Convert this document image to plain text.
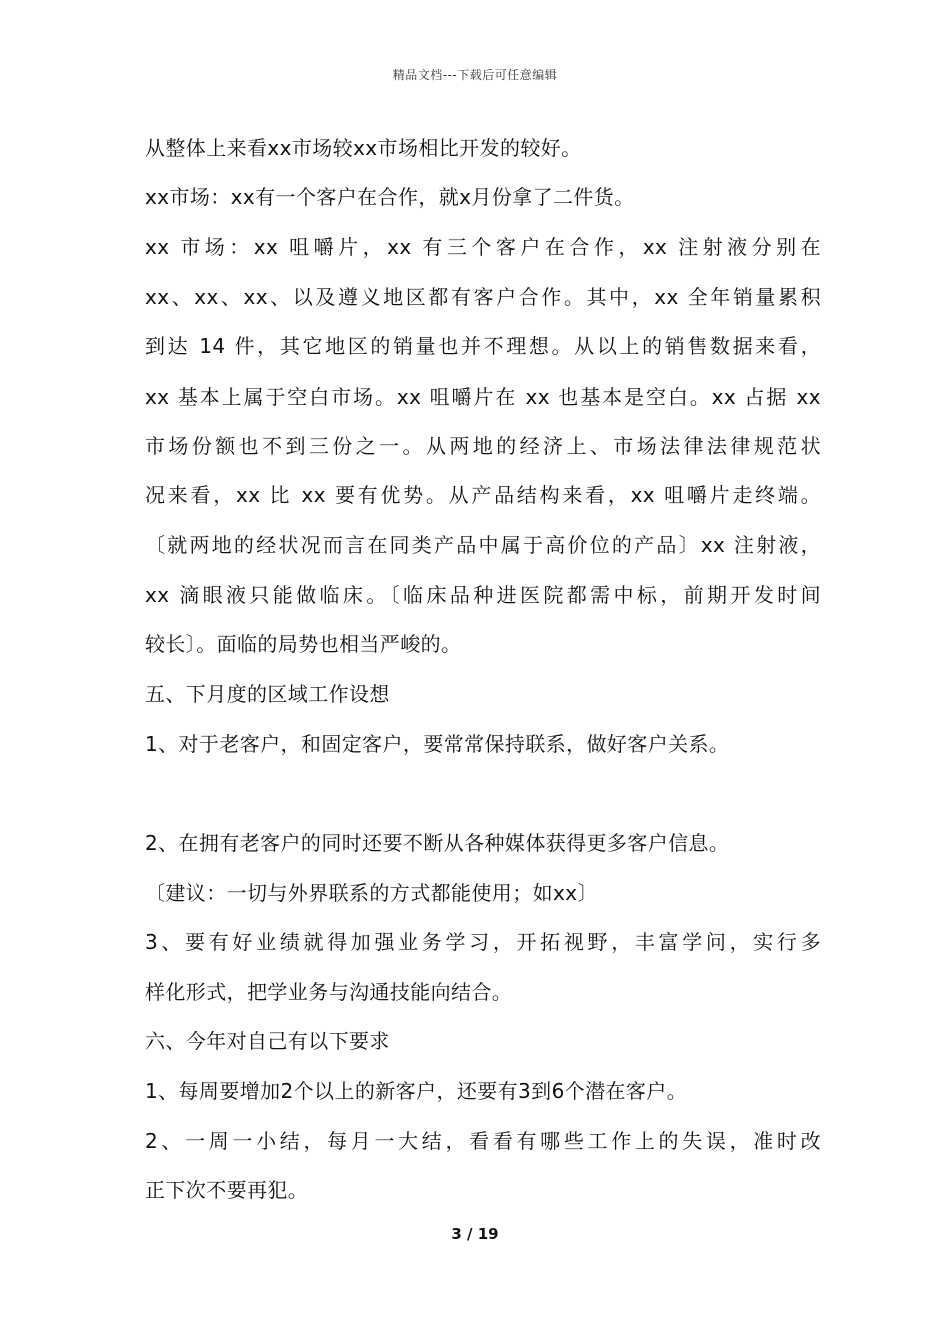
精品文档---下载后可任意编辑
从整体上来看xx市场较xx市场相比开发的较好。
xx市场：xx有一个客户在合作，就x月份拿了二件货。
xx 市场：xx 咀嚼片，xx 有三个客户在合作，xx 注射液分别在
xx、xx、xx、以及遵义地区都有客户合作。其中，xx 全年销量累积
到达 14 件，其它地区的销量也并不理想。从以上的销售数据来看，
xx 基本上属于空白市场。xx 咀嚼片在 xx 也基本是空白。xx 占据 xx
市场份额也不到三份之一。从两地的经济上、市场法律法律规范状
况来看，xx 比 xx 要有优势。从产品结构来看，xx 咀嚼片走终端。
〔就两地的经状况而言在同类产品中属于高价位的产品〕xx 注射液，
xx 滴眼液只能做临床。〔临床品种进医院都需中标，前期开发时间
较长〕。面临的局势也相当严峻的。
五、下月度的区域工作设想
1、对于老客户，和固定客户，要常常保持联系，做好客户关系。
2、在拥有老客户的同时还要不断从各种媒体获得更多客户信息。
〔建议：一切与外界联系的方式都能使用；如xx〕
3、要有好业绩就得加强业务学习，开拓视野，丰富学问，实行多
样化形式，把学业务与沟通技能向结合。
六、今年对自己有以下要求
1、每周要增加2个以上的新客户，还要有3到6个潜在客户。
2、一周一小结，每月一大结，看看有哪些工作上的失误，准时改
正下次不要再犯。
3 / 19
